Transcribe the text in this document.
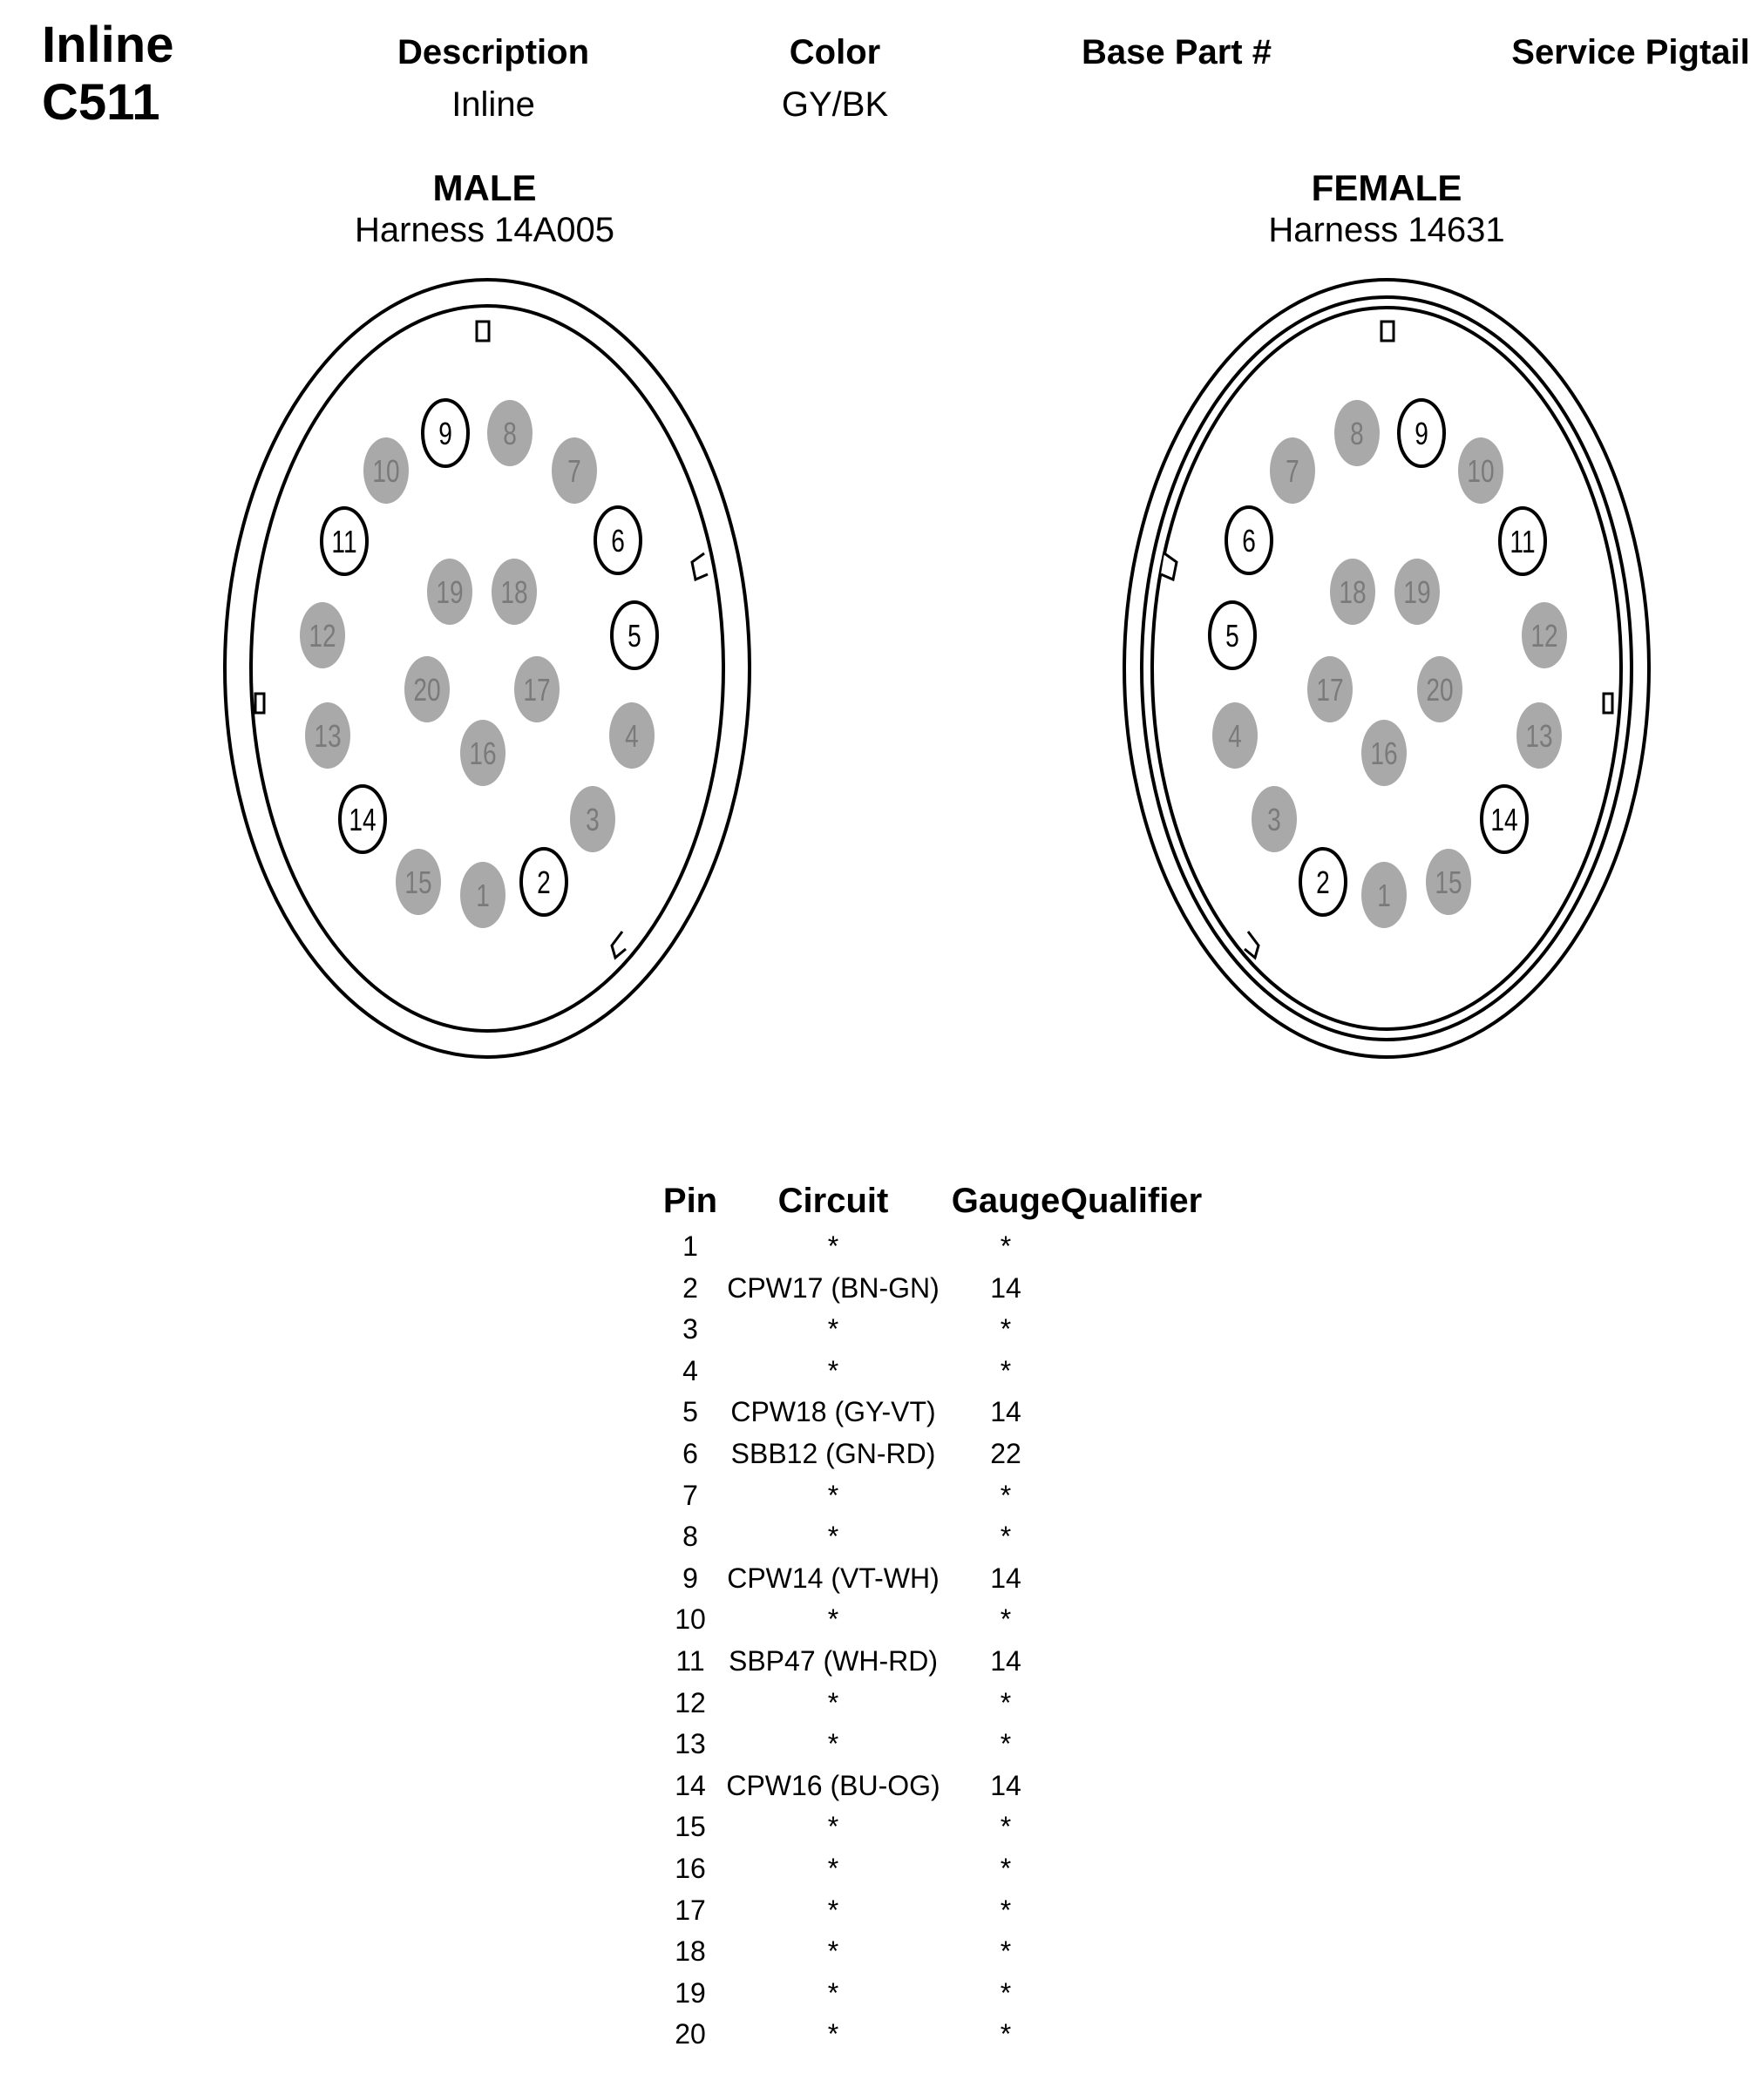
Inline
C511
Description
Inline
Color
GY/BK
Base Part #	Service Pigtail
MALE
Harness 14A005
FEMALE
Harness 14631
1 2
3
4
5
6
7
8
9
10
11
12
13
14
15
16
17
18
19
20
1
2
3
4
5
6
7
8 9
10
11
12
13
14
15
16
17
18 19
20
Pin Circuit Gauge Qualifier
1	*	*
2 CPW17 (BN-GN) 14
3	*	*
4	*	*
5 CPW18 (GY-VT) 14
6 SBB12 (GN-RD) 22
7	*	*
8	*	*
9 CPW14 (VT-WH) 14
10	*	*
11 SBP47 (WH-RD) 14
12	*	*
13	*	*
14 CPW16 (BU-OG) 14
15	*	*
16	*	*
17	*	*
18	*	*
19	*	*
20	*	*
